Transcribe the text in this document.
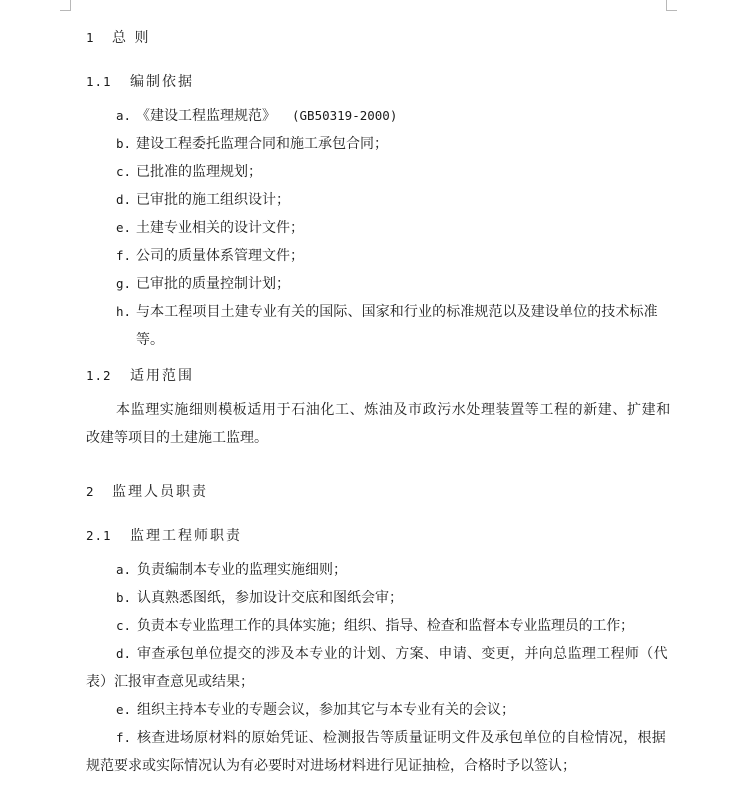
1 总 则
1.1 编制依据
a. 《建设工程监理规范》 (GB50319-2000)
b. 建设工程委托监理合同和施工承包合同；
c. 已批准的监理规划；
d. 已审批的施工组织设计；
e. 土建专业相关的设计文件；
f. 公司的质量体系管理文件；
g. 已审批的质量控制计划；
h. 与本工程项目土建专业有关的国际、国家和行业的标准规范以及建设单位的技术标准
等。
1.2 适用范围
本监理实施细则模板适用于石油化工、炼油及市政污水处理装置等工程的新建、扩建和
改建等项目的土建施工监理。
2 监理人员职责
2.1 监理工程师职责
a. 负责编制本专业的监理实施细则；
b. 认真熟悉图纸，参加设计交底和图纸会审；
c. 负责本专业监理工作的具体实施；组织、指导、检查和监督本专业监理员的工作；
d. 审查承包单位提交的涉及本专业的计划、方案、申请、变更，并向总监理工程师（代
表）汇报审查意见或结果；
e. 组织主持本专业的专题会议，参加其它与本专业有关的会议；
f. 核查进场原材料的原始凭证、检测报告等质量证明文件及承包单位的自检情况，根据
规范要求或实际情况认为有必要时对进场材料进行见证抽检，合格时予以签认；
